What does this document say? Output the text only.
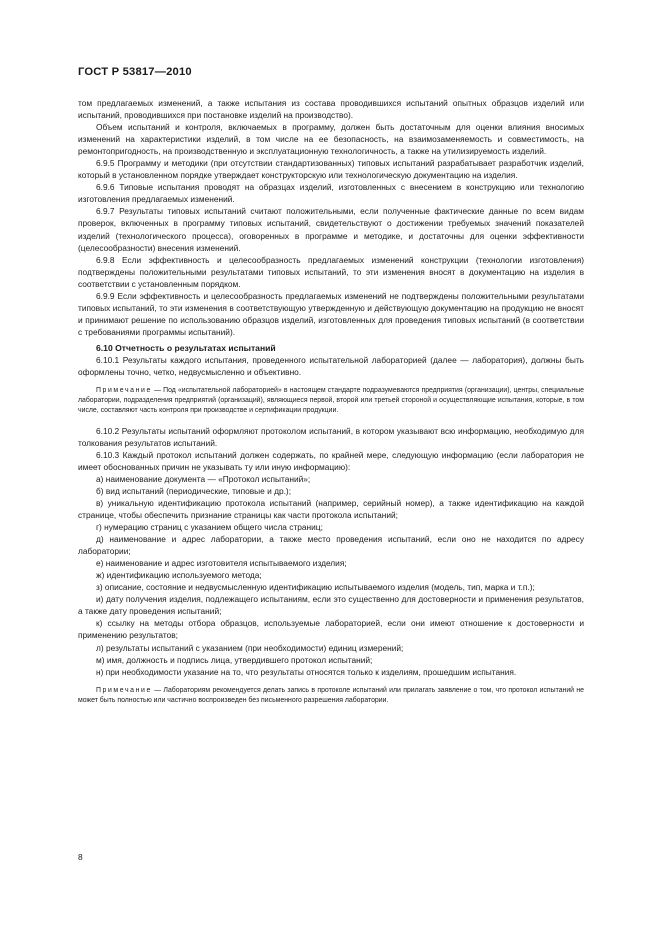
ГОСТ Р 53817—2010

том предлагаемых изменений, а также испытания из состава проводившихся испытаний опытных образцов изделий или испытаний, проводившихся при постановке изделий на производство).

Объем испытаний и контроля, включаемых в программу, должен быть достаточным для оценки влияния вносимых изменений на характеристики изделий, в том числе на ее безопасность, на взаимозаменяемость и совместимость, на ремонтопригодность, на производственную и эксплуатационную технологичность, а также на утилизируемость изделий.

6.9.5 Программу и методики (при отсутствии стандартизованных) типовых испытаний разрабатывает разработчик изделий, который в установленном порядке утверждает конструкторскую или технологическую документацию на изделия.

6.9.6 Типовые испытания проводят на образцах изделий, изготовленных с внесением в конструкцию или технологию изготовления предлагаемых изменений.

6.9.7 Результаты типовых испытаний считают положительными, если полученные фактические данные по всем видам проверок, включенных в программу типовых испытаний, свидетельствуют о достижении требуемых значений показателей изделий (технологического процесса), оговоренных в программе и методике, и достаточны для оценки эффективности (целесообразности) внесения изменений.

6.9.8 Если эффективность и целесообразность предлагаемых изменений конструкции (технологии изготовления) подтверждены положительными результатами типовых испытаний, то эти изменения вносят в документацию на изделия в соответствии с установленным порядком.

6.9.9 Если эффективность и целесообразность предлагаемых изменений не подтверждены положительными результатами типовых испытаний, то эти изменения в соответствующую утвержденную и действующую документацию на продукцию не вносят и принимают решение по использованию образцов изделий, изготовленных для проведения типовых испытаний (в соответствии с требованиями программы испытаний).

6.10 Отчетность о результатах испытаний

6.10.1 Результаты каждого испытания, проведенного испытательной лабораторией (далее — лаборатория), должны быть оформлены точно, четко, недвусмысленно и объективно.

Примечание — Под «испытательной лабораторией» в настоящем стандарте подразумеваются предприятия (организации), центры, специальные лаборатории, подразделения предприятий (организаций), являющиеся первой, второй или третьей стороной и осуществляющие испытания, которые, в том числе, составляют часть контроля при производстве и сертификации продукции.

6.10.2 Результаты испытаний оформляют протоколом испытаний, в котором указывают всю информацию, необходимую для толкования результатов испытаний.

6.10.3 Каждый протокол испытаний должен содержать, по крайней мере, следующую информацию (если лаборатория не имеет обоснованных причин не указывать ту или иную информацию):

а) наименование документа — «Протокол испытаний»;

б) вид испытаний (периодические, типовые и др.);

в) уникальную идентификацию протокола испытаний (например, серийный номер), а также идентификацию на каждой странице, чтобы обеспечить признание страницы как части протокола испытаний;

г) нумерацию страниц с указанием общего числа страниц;

д) наименование и адрес лаборатории, а также место проведения испытаний, если оно не находится по адресу лаборатории;

е) наименование и адрес изготовителя испытываемого изделия;

ж) идентификацию используемого метода;

з) описание, состояние и недвусмысленную идентификацию испытываемого изделия (модель, тип, марка и т.п.);

и) дату получения изделия, подлежащего испытаниям, если это существенно для достоверности и применения результатов, а также дату проведения испытаний;

к) ссылку на методы отбора образцов, используемые лабораторией, если они имеют отношение к достоверности и применению результатов;

л) результаты испытаний с указанием (при необходимости) единиц измерений;

м) имя, должность и подпись лица, утвердившего протокол испытаний;

н) при необходимости указание на то, что результаты относятся только к изделиям, прошедшим испытания.

Примечание — Лабораториям рекомендуется делать запись в протоколе испытаний или прилагать заявление о том, что протокол испытаний не может быть полностью или частично воспроизведен без письменного разрешения лаборатории.

8
